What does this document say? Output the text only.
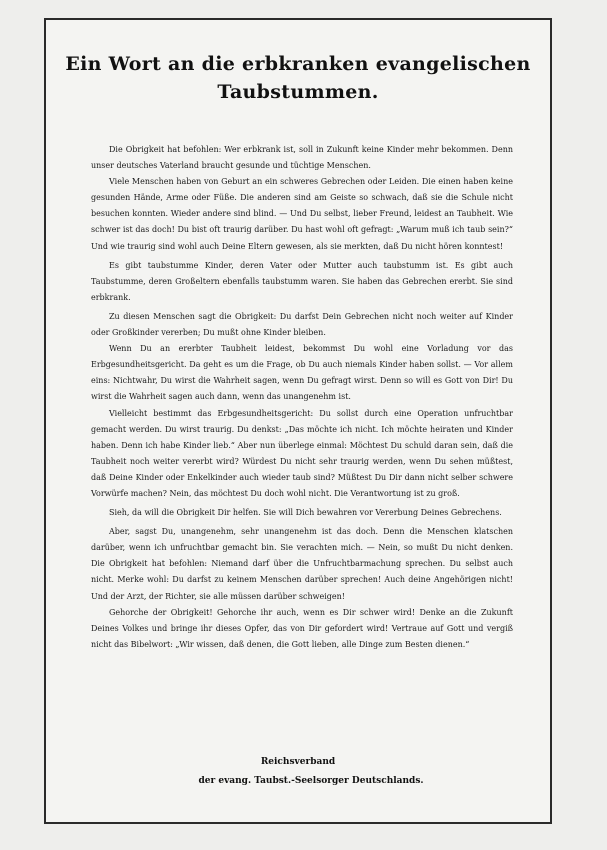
Ein Wort an die erbkranken evangelischen
Taubstummen.

Die Obrigkeit hat befohlen: Wer erbkrank ist, soll in Zukunft keine Kinder mehr bekommen. Denn unser deutsches Vaterland braucht gesunde und tüchtige Menschen.

Viele Menschen haben von Geburt an ein schweres Gebrechen oder Leiden. Die einen haben keine gesunden Hände, Arme oder Füße. Die anderen sind am Geiste so schwach, daß sie die Schule nicht besuchen konnten. Wieder andere sind blind. — Und Du selbst, lieber Freund, leidest an Taubheit. Wie schwer ist das doch! Du bist oft traurig darüber. Du hast wohl oft gefragt: „Warum muß ich taub sein?“ Und wie traurig sind wohl auch Deine Eltern gewesen, als sie merkten, daß Du nicht hören konntest!

Es gibt taubstumme Kinder, deren Vater oder Mutter auch taubstumm ist. Es gibt auch Taubstumme, deren Großeltern ebenfalls taubstumm waren. Sie haben das Gebrechen ererbt. Sie sind erbkrank.

Zu diesen Menschen sagt die Obrigkeit: Du darfst Dein Gebrechen nicht noch weiter auf Kinder oder Großkinder vererben; Du mußt ohne Kinder bleiben.

Wenn Du an ererbter Taubheit leidest, bekommst Du wohl eine Vorladung vor das Erbgesundheitsgericht. Da geht es um die Frage, ob Du auch niemals Kinder haben sollst. — Vor allem eins: Nichtwahr, Du wirst die Wahrheit sagen, wenn Du gefragt wirst. Denn so will es Gott von Dir! Du wirst die Wahrheit sagen auch dann, wenn das unangenehm ist.

Vielleicht bestimmt das Erbgesundheitsgericht: Du sollst durch eine Operation unfruchtbar gemacht werden. Du wirst traurig. Du denkst: „Das möchte ich nicht. Ich möchte heiraten und Kinder haben. Denn ich habe Kinder lieb.“ Aber nun überlege einmal: Möchtest Du schuld daran sein, daß die Taubheit noch weiter vererbt wird? Würdest Du nicht sehr traurig werden, wenn Du sehen müßtest, daß Deine Kinder oder Enkelkinder auch wieder taub sind? Müßtest Du Dir dann nicht selber schwere Vorwürfe machen? Nein, das möchtest Du doch wohl nicht. Die Verantwortung ist zu groß.

Sieh, da will die Obrigkeit Dir helfen. Sie will Dich bewahren vor Vererbung Deines Gebrechens.

Aber, sagst Du, unangenehm, sehr unangenehm ist das doch. Denn die Menschen klatschen darüber, wenn ich unfruchtbar gemacht bin. Sie verachten mich. — Nein, so mußt Du nicht denken. Die Obrigkeit hat befohlen: Niemand darf über die Unfruchtbarmachung sprechen. Du selbst auch nicht. Merke wohl: Du darfst zu keinem Menschen darüber sprechen! Auch deine Angehörigen nicht! Und der Arzt, der Richter, sie alle müssen darüber schweigen!

Gehorche der Obrigkeit! Gehorche ihr auch, wenn es Dir schwer wird! Denke an die Zukunft Deines Volkes und bringe ihr dieses Opfer, das von Dir gefordert wird! Vertraue auf Gott und vergiß nicht das Bibelwort: „Wir wissen, daß denen, die Gott lieben, alle Dinge zum Besten dienen.“

Reichsverband
der evang. Taubst.-Seelsorger Deutschlands.
